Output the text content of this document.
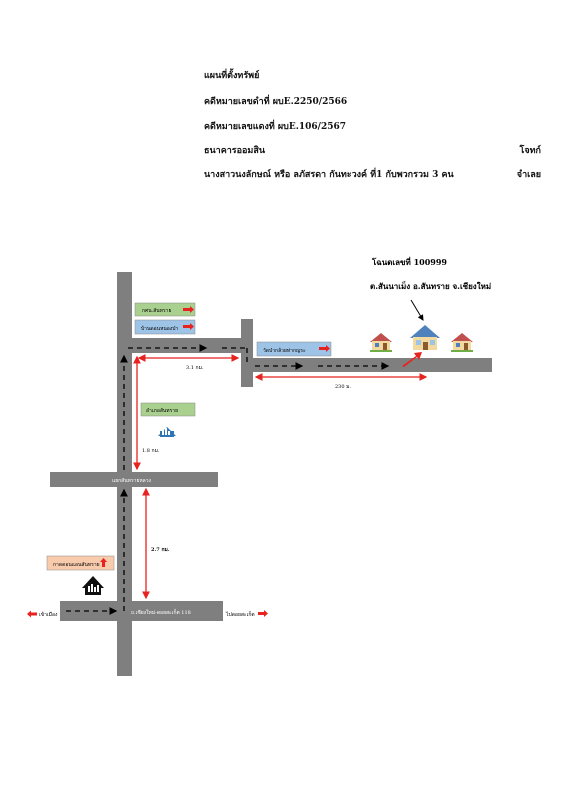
แผนที่ตั้งทรัพย์
คดีหมายเลขดำที่ ผบE.2250/2566
คดีหมายเลขแดงที่ ผบE.106/2567
ธนาคารออมสิน	โจทก์
นางสาวนงลักษณ์ หรือ ลภัสรดา กันทะวงค์ ที่1 กับพวกรวม 3 คน	จำเลย
3.1 กม.
230 ม.
1.8 กม.
2.7 กม.
กศน.สันทราย
บ้านดอนหนองป่า
วัดป่ากล้วยท่ากญระ
อำเภอสันทราย
กาดดอนแอนสันทราย
แยกสันทรายหลวง
ถ.เชียงใหม่-ดอยสะเก็ต 118
เข้าเมือง	ไปดอยสะเก็ต
โฉนดเลขที่ 100999
ต.สันนาเม็ง อ.สันทราย จ.เชียงใหม่
